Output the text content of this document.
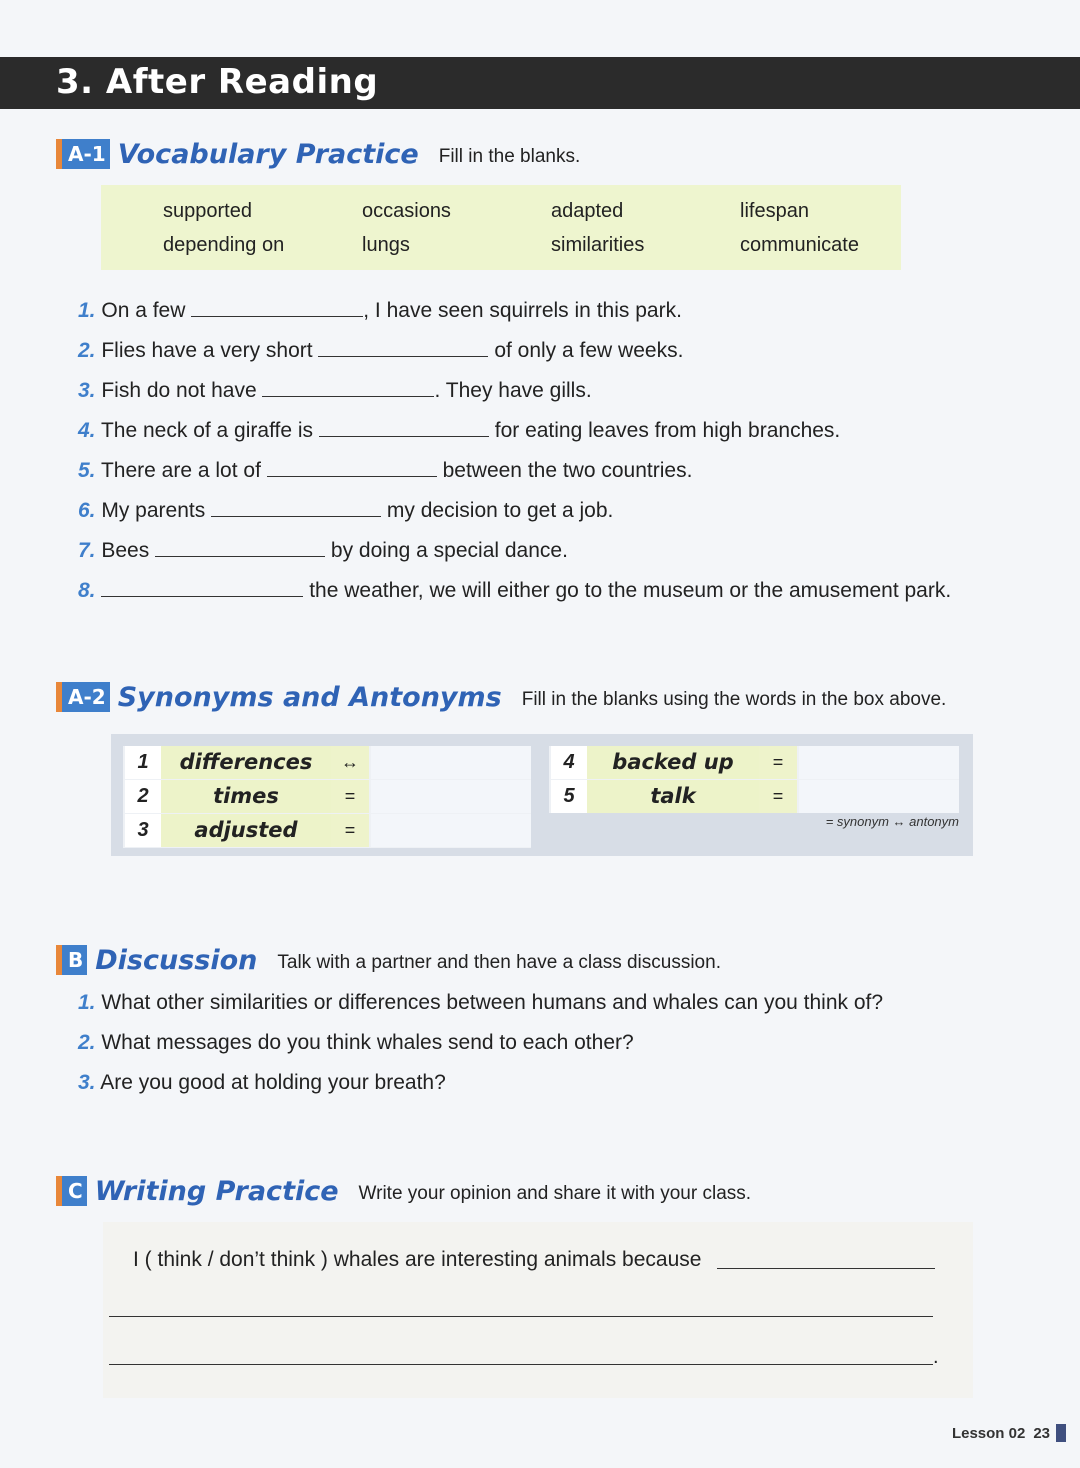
3. After Reading
A-1 Vocabulary Practice Fill in the blanks.
supported	occasions	adapted	lifespan
depending on	lungs	similarities	communicate
1. On a few	, I have seen squirrels in this park.
2. Flies have a very short	of only a few weeks.
3. Fish do not have	. They have gills.
4. The neck of a giraffe is	for eating leaves from high branches.
5. There are a lot of	between the two countries.
6. My parents	my decision to get a job.
7. Bees	by doing a special dance.
8.	the weather, we will either go to the museum or the amusement park.
A-2 Synonyms and Antonyms Fill in the blanks using the words in the box above.
1	differences	↔
2	times	=
3	adjusted	=
4	backed up	=
5	talk	=
= synonym ↔ antonym
B Discussion Talk with a partner and then have a class discussion.
1. What other similarities or differences between humans and whales can you think of?
2. What messages do you think whales send to each other?
3. Are you good at holding your breath?
C Writing Practice Write your opinion and share it with your class.
I ( think / don’t think ) whales are interesting animals because
.
Lesson 02 23
